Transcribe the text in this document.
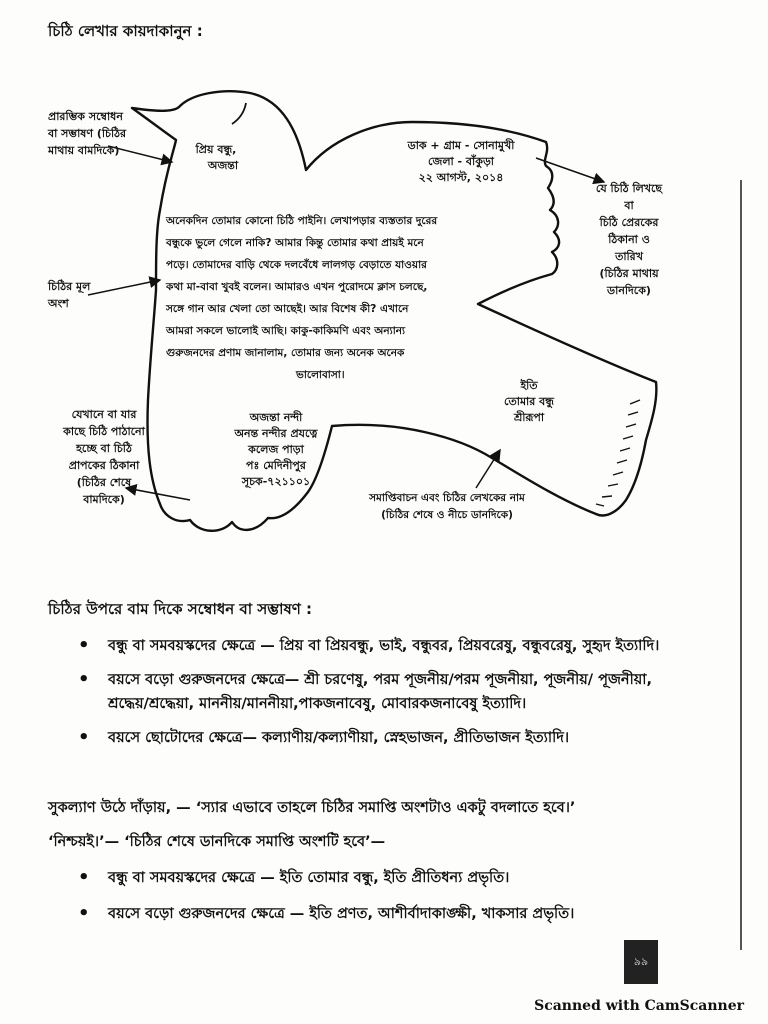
চিঠি লেখার কায়দাকানুন :
প্রারম্ভিক সম্বোধন
বা সম্ভাষণ (চিঠির
মাথায় বামদিকে)
চিঠির মূল
অংশ
যেখানে বা যার
কাছে চিঠি পাঠানো
হচ্ছে বা চিঠি
প্রাপকের ঠিকানা
(চিঠির শেষে
বামদিকে)
যে চিঠি লিখছে
বা
চিঠি প্রেরকের
ঠিকানা ও
তারিখ
(চিঠির মাথায়
ডানদিকে)
সমাপ্তিবাচন এবং চিঠির লেখকের নাম
(চিঠির শেষে ও নীচে ডানদিকে)
প্রিয় বন্ধু,
অজন্তা
ডাক + গ্রাম - সোনামুখী
জেলা - বাঁকুড়া
২২ আগস্ট, ২০১৪
অনেকদিন তোমার কোনো চিঠি পাইনি। লেখাপড়ার ব্যস্ততার দুরের
বন্ধুকে ভুলে গেলে নাকি? আমার কিন্তু তোমার কথা প্রায়ই মনে
পড়ে। তোমাদের বাড়ি থেকে দলবেঁধে লালগড় বেড়াতে যাওয়ার
কথা মা-বাবা খুবই বলেন। আমারও এখন পুরোদমে ক্লাস চলছে,
সঙ্গে গান আর খেলা তো আছেই। আর বিশেষ কী? এখানে
আমরা সকলে ভালোই আছি। কাকু-কাকিমণি এবং অন্যান্য
গুরুজনদের প্রণাম জানালাম, তোমার জন্য অনেক অনেক
ভালোবাসা।
অজন্তা নন্দী
অনন্ত নন্দীর প্রযত্নে
কলেজ পাড়া
পঃ মেদিনীপুর
সূচক-৭২১১০১
ইতি
তোমার বন্ধু
শ্রীরূপা
চিঠির উপরে বাম দিকে সম্বোধন বা সম্ভাষণ :
• বন্ধু বা সমবয়স্কদের ক্ষেত্রে — প্রিয় বা প্রিয়বন্ধু, ভাই, বন্ধুবর, প্রিয়বরেষু, বন্ধুবরেষু, সুহৃদ ইত্যাদি।
• বয়সে বড়ো গুরুজনদের ক্ষেত্রে— শ্রী চরণেষু, পরম পূজনীয়/পরম পূজনীয়া, পূজনীয়/ পূজনীয়া, শ্রদ্ধেয়/শ্রদ্ধেয়া, মাননীয়/মাননীয়া,পাকজনাবেষু, মোবারকজনাবেষু ইত্যাদি।
• বয়সে ছোটোদের ক্ষেত্রে— কল্যাণীয়/কল্যাণীয়া, স্নেহভাজন, প্রীতিভাজন ইত্যাদি।
সুকল্যাণ উঠে দাঁড়ায়, — ‘স্যার এভাবে তাহলে চিঠির সমাপ্তি অংশটাও একটু বদলাতে হবে।’
‘নিশ্চয়ই।’— ‘চিঠির শেষে ডানদিকে সমাপ্তি অংশটি হবে’—
• বন্ধু বা সমবয়স্কদের ক্ষেত্রে — ইতি তোমার বন্ধু, ইতি প্রীতিধন্য প্রভৃতি।
• বয়সে বড়ো গুরুজনদের ক্ষেত্রে — ইতি প্রণত, আশীর্বাদাকাঙ্ক্ষী, খাকসার প্রভৃতি।
৯৯
Scanned with CamScanner
